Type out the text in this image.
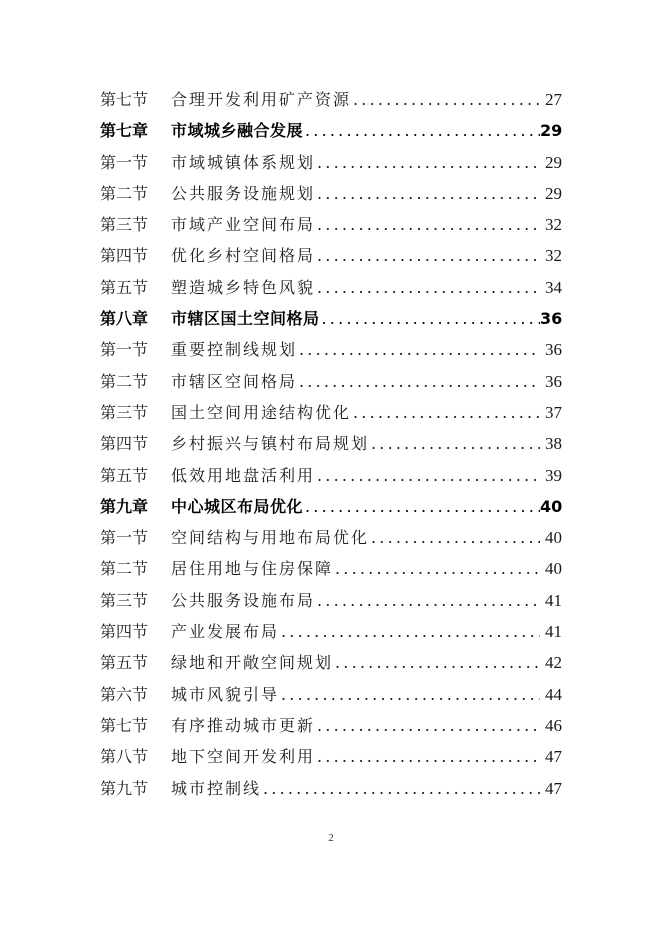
第七节	合理开发利用矿产资源 .....	27
第七章	市域城乡融合发展 .....	29
第一节	市域城镇体系规划 .....	29
第二节	公共服务设施规划 .....	29
第三节	市域产业空间布局 .....	32
第四节	优化乡村空间格局 .....	32
第五节	塑造城乡特色风貌 .....	34
第八章	市辖区国土空间格局 .....	36
第一节	重要控制线规划 .....	36
第二节	市辖区空间格局 .....	36
第三节	国土空间用途结构优化 .....	37
第四节	乡村振兴与镇村布局规划 .....	38
第五节	低效用地盘活利用 .....	39
第九章	中心城区布局优化 .....	40
第一节	空间结构与用地布局优化 .....	40
第二节	居住用地与住房保障 .....	40
第三节	公共服务设施布局 .....	41
第四节	产业发展布局 .....	41
第五节	绿地和开敞空间规划 .....	42
第六节	城市风貌引导 .....	44
第七节	有序推动城市更新 .....	46
第八节	地下空间开发利用 .....	47
第九节	城市控制线 .....	47
2
